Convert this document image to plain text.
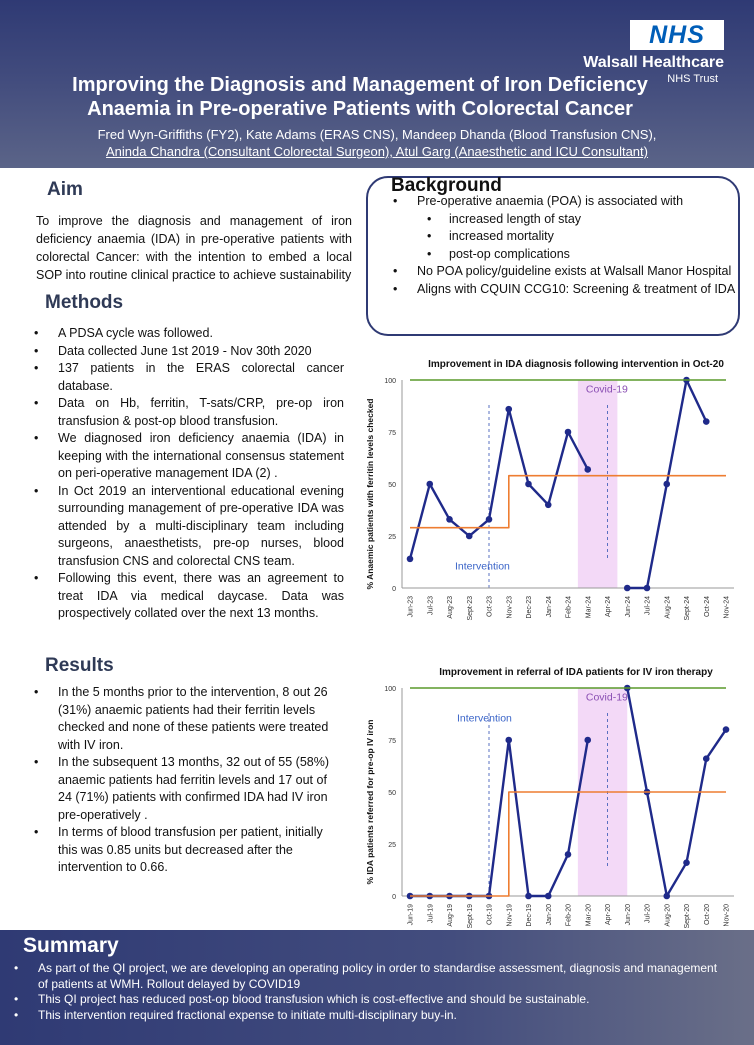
NHS
Walsall Healthcare
NHS Trust
Improving the Diagnosis and Management of Iron Deficiency Anaemia in Pre-operative Patients with Colorectal Cancer
Fred Wyn-Griffiths (FY2), Kate Adams (ERAS CNS), Mandeep Dhanda (Blood Transfusion CNS),
Aninda Chandra (Consultant Colorectal Surgeon), Atul Garg (Anaesthetic and ICU Consultant)
Aim
To improve the diagnosis and management of iron deficiency anaemia (IDA) in pre-operative patients with colorectal Cancer: with the intention to embed a local SOP into routine clinical practice to achieve sustainability
Methods
• A PDSA cycle was followed.
• Data collected June 1st 2019 - Nov 30th 2020
• 137 patients in the ERAS colorectal cancer database.
• Data on Hb, ferritin, T-sats/CRP, pre-op iron transfusion & post-op blood transfusion.
• We diagnosed iron deficiency anaemia (IDA) in keeping with the international consensus statement on peri-operative management IDA (2) .
• In Oct 2019 an interventional educational evening surrounding management of pre-operative IDA was attended by a multi-disciplinary team including surgeons, anaesthetists, pre-op nurses, blood transfusion CNS and colorectal CNS team.
• Following this event, there was an agreement to treat IDA via medical daycase. Data was prospectively collated over the next 13 months.
Results
• In the 5 months prior to the intervention, 8 out 26 (31%) anaemic patients had their ferritin levels checked and none of these patients were treated with IV iron.
• In the subsequent 13 months, 32 out of 55 (58%) anaemic patients had ferritin levels and 17 out of 24 (71%) patients with confirmed IDA had IV iron pre-operatively .
• In terms of blood transfusion per patient, initially this was 0.85 units but decreased after the intervention to 0.66.
Background
• Pre-operative anaemia (POA) is associated with
• increased length of stay
• increased mortality
• post-op complications
• No POA policy/guideline exists at Walsall Manor Hospital
• Aligns with CQUIN CCG10: Screening & treatment of IDA
0
25
50
75
100
Jun-23 Jul-23 Aug-23 Sept-23 Oct-23 Nov-23 Dec-23 Jan-24 Feb-24 Mar-24 Apr-24 Jun-24 Jul-24 Aug-24 Sept-24 Oct-24 Nov-24
Intervention
Covid-19
Improvement in IDA diagnosis following intervention in Oct-20
% Anaemic patients with ferritin levels checked
0
25
50
75
100
Jun-19 Jul-19 Aug-19 Sept-19 Oct-19 Nov-19 Dec-19 Jan-20 Feb-20 Mar-20 Apr-20 Jun-20 Jul-20 Aug-20 Sept-20 Oct-20 Nov-20
Intervention
Covid-19
Improvement in referral of IDA patients for IV iron therapy
% IDA patients referred for pre-op IV iron
Summary
• As part of the QI project, we are developing an operating policy in order to standardise assessment, diagnosis and management of patients at WMH. Rollout delayed by COVID19
• This QI project has reduced post-op blood transfusion which is cost-effective and should be sustainable.
• This intervention required fractional expense to initiate multi-disciplinary buy-in.
